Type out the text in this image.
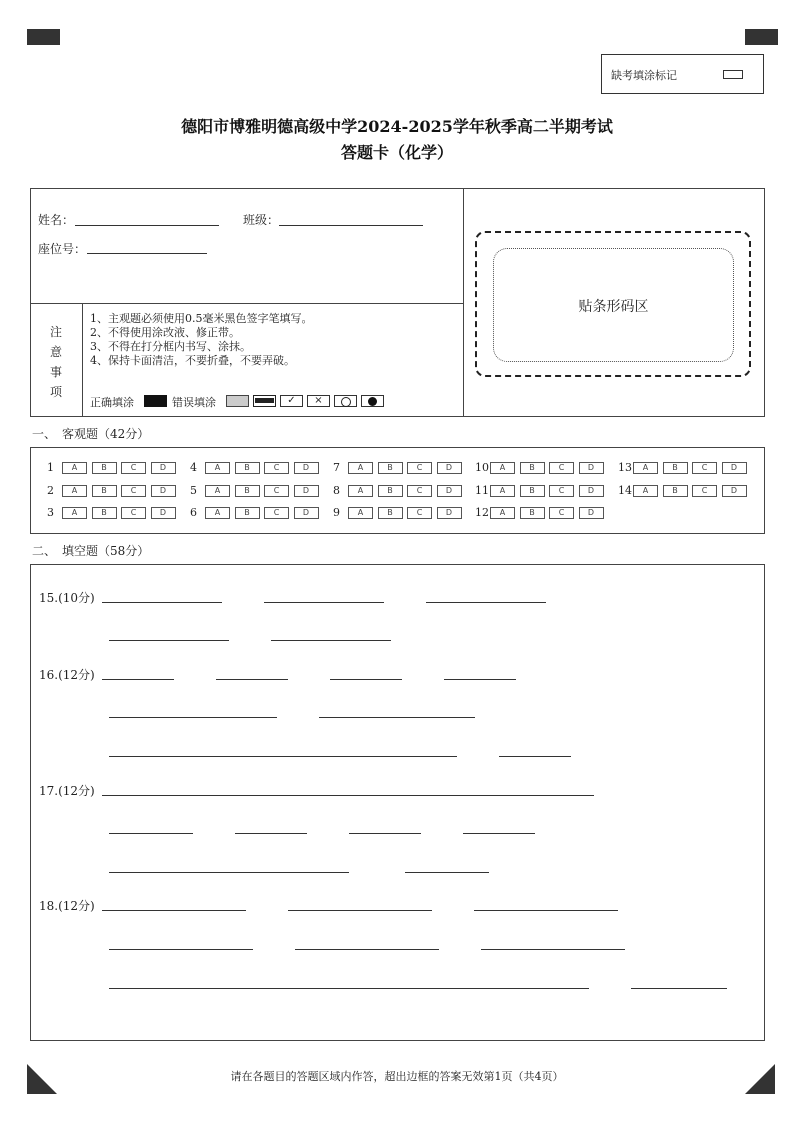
缺考填涂标记
德阳市博雅明德高级中学2024-2025学年秋季高二半期考试
答题卡（化学）
姓名：	班级：
座位号：
注
意
事
项
1、主观题必须使用0.5毫米黑色签字笔填写。
2、不得使用涂改液、修正带。
3、不得在打分框内书写、涂抹。
4、保持卡面清洁，不要折叠，不要弄破。
正确填涂	错误填涂	✓	×
贴条形码区
一、　客观题（42分）
1	A	B	C	D
2	A	B	C	D
3	A	B	C	D
4	A	B	C	D
5	A	B	C	D
6	A	B	C	D
7	A	B	C	D
8	A	B	C	D
9	A	B	C	D
10	A	B	C	D
11	A	B	C	D
12	A	B	C	D
13	A	B	C	D
14	A	B	C	D
二、　填空题（58分）
15.(10分)
16.(12分)
17.(12分)
18.(12分)
请在各题目的答题区域内作答，超出边框的答案无效第1页（共4页）
